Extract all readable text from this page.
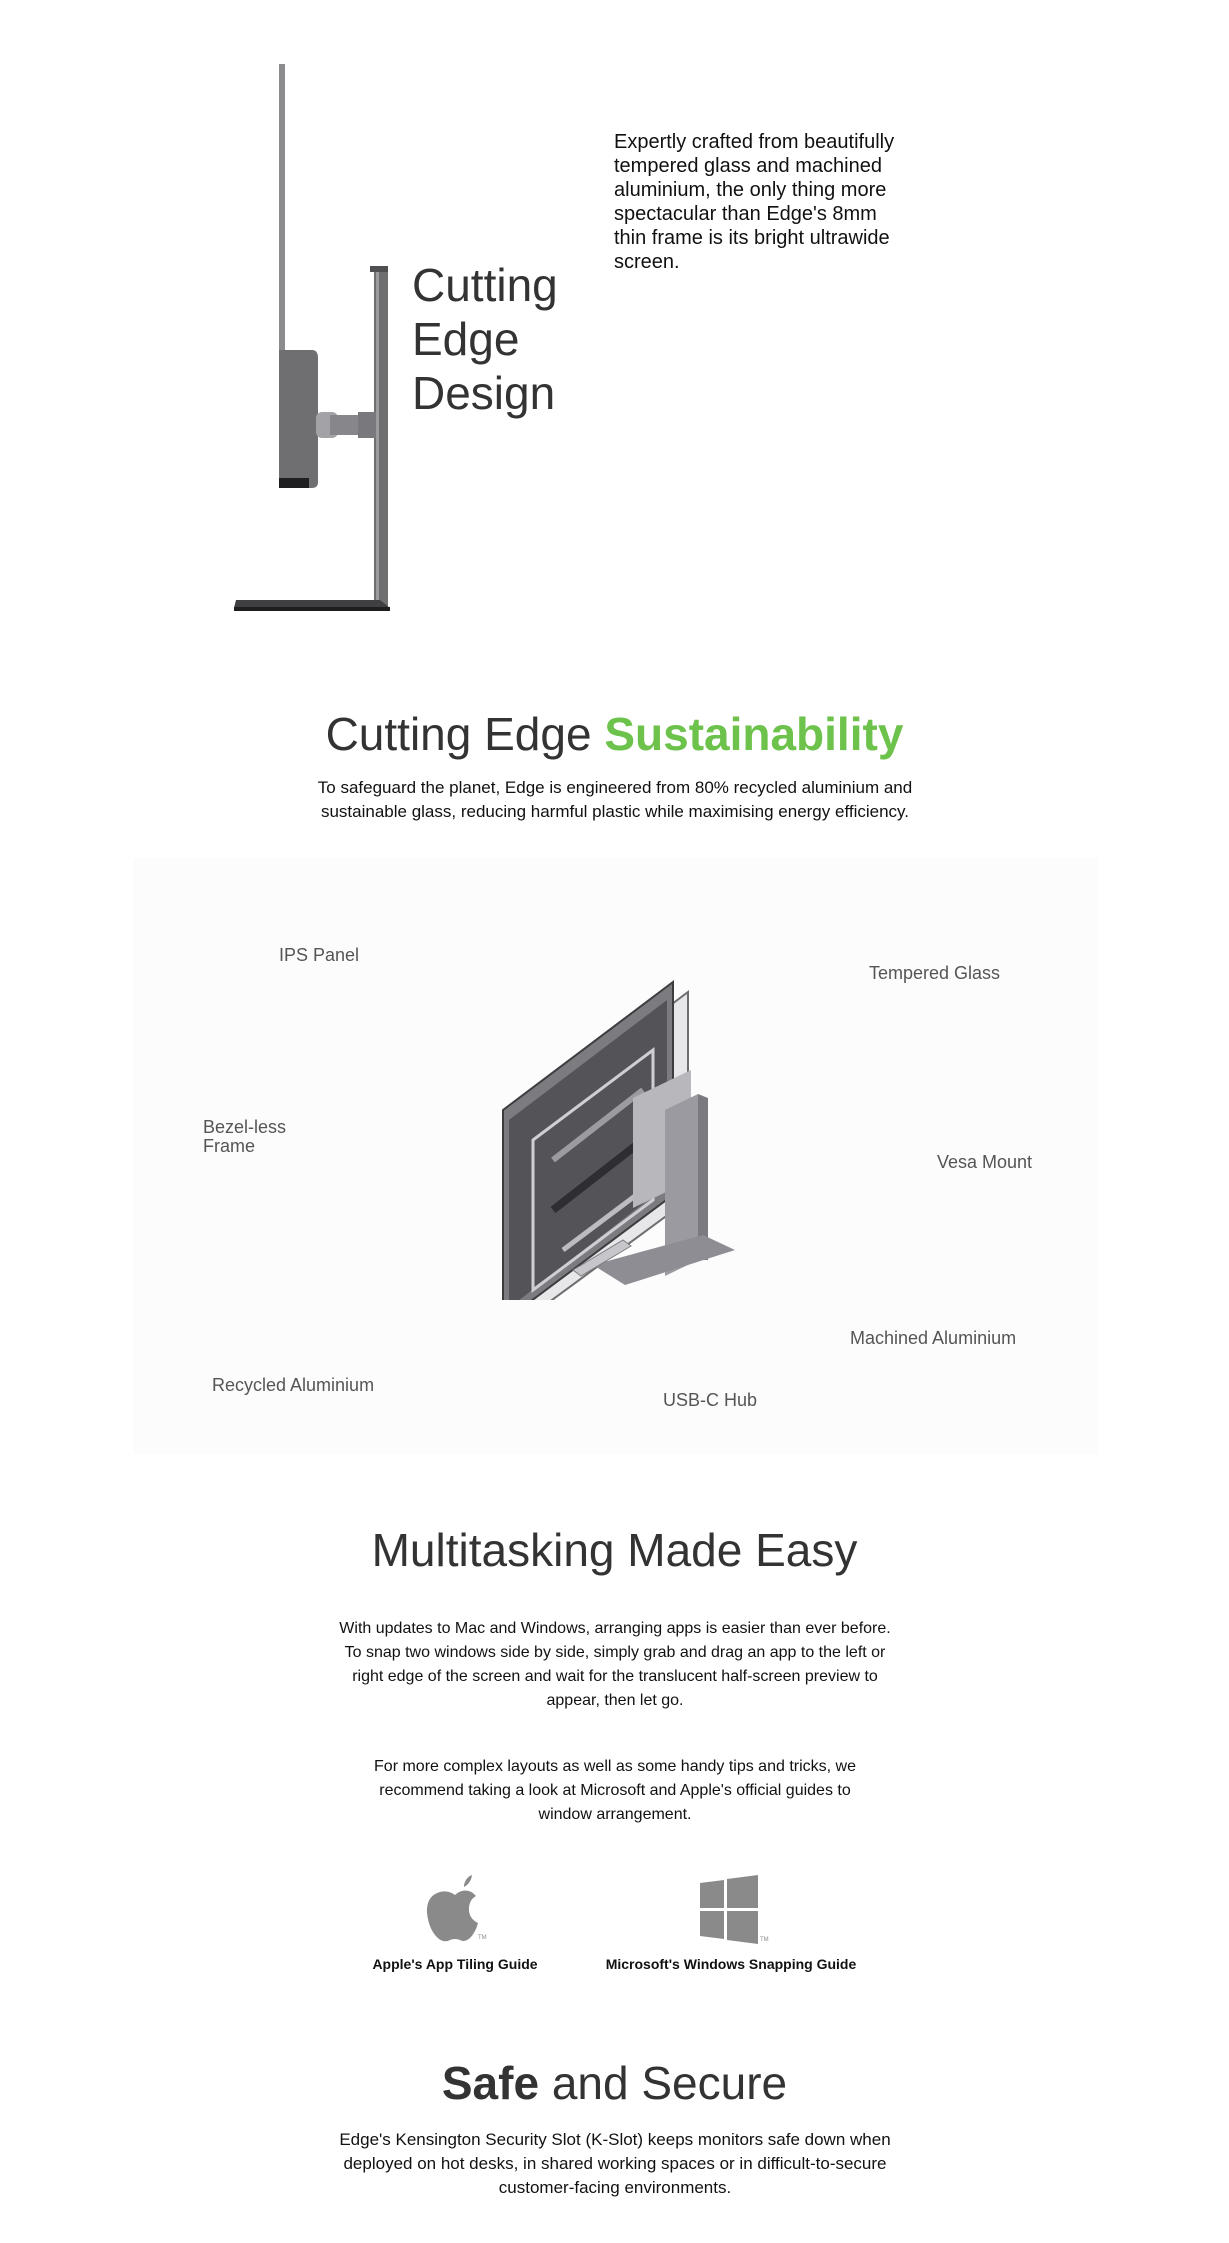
Cutting
Edge
Design
Expertly crafted from beautifully tempered glass and machined aluminium, the only thing more spectacular than Edge's 8mm thin frame is its bright ultrawide screen.
Cutting Edge Sustainability
To safeguard the planet, Edge is engineered from 80% recycled aluminium and sustainable glass, reducing harmful plastic while maximising energy efficiency.
IPS Panel
Tempered Glass
Bezel-less
Frame
Vesa Mount
Machined Aluminium
Recycled Aluminium
USB-C Hub
Multitasking Made Easy
With updates to Mac and Windows, arranging apps is easier than ever before. To snap two windows side by side, simply grab and drag an app to the left or right edge of the screen and wait for the translucent half-screen preview to appear, then let go.
For more complex layouts as well as some handy tips and tricks, we recommend taking a look at Microsoft and Apple's official guides to window arrangement.
TM
Apple's App Tiling Guide
TM
Microsoft's Windows Snapping Guide
Safe and Secure
Edge's Kensington Security Slot (K-Slot) keeps monitors safe down when deployed on hot desks, in shared working spaces or in difficult-to-secure customer-facing environments.
